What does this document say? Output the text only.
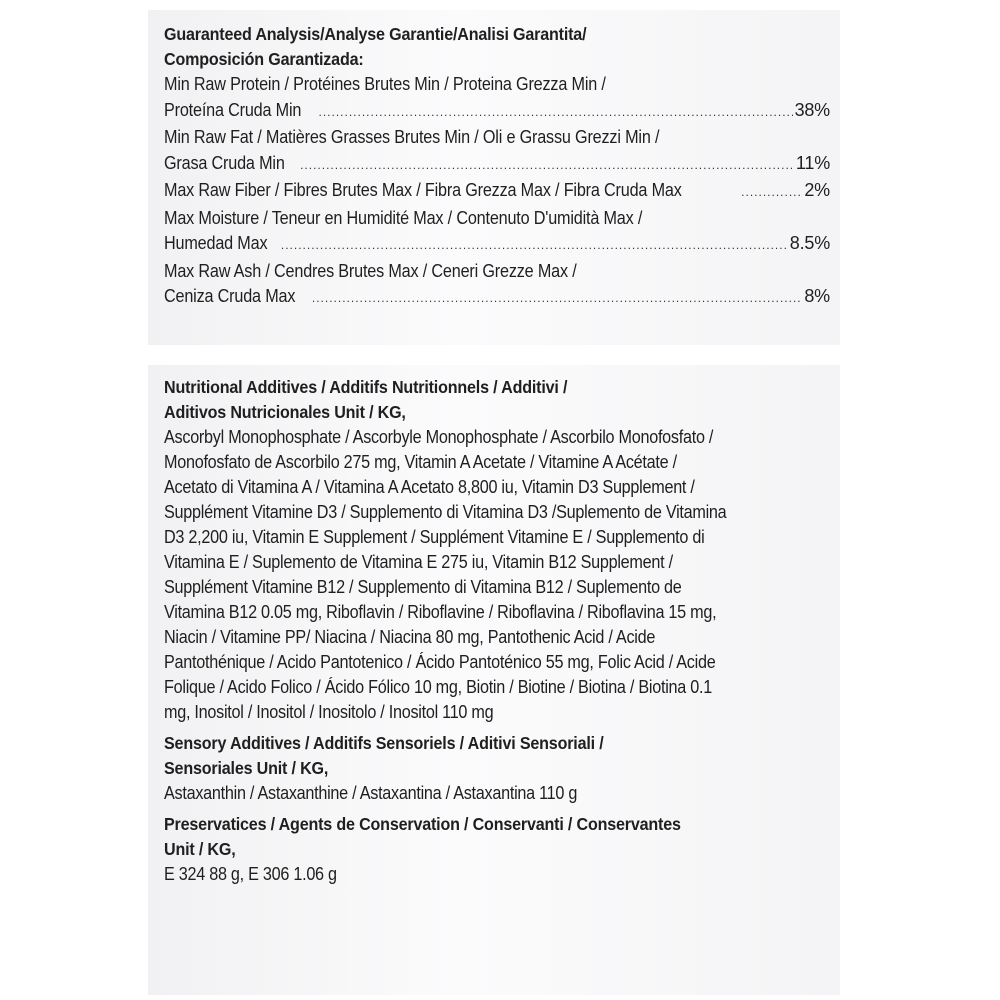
Guaranteed Analysis/Analyse Garantie/Analisi Garantita/
Composición Garantizada:
Min Raw Protein / Protéines Brutes Min / Proteina Grezza Min /
Proteína Cruda Min .....	38%
Min Raw Fat / Matières Grasses Brutes Min / Oli e Grassu Grezzi Min /
Grasa Cruda Min .....	11%
Max Raw Fiber / Fibres Brutes Max / Fibra Grezza Max / Fibra Cruda Max .....	2%
Max Moisture / Teneur en Humidité Max / Contenuto D'umidità Max /
Humedad Max .....	8.5%
Max Raw Ash / Cendres Brutes Max / Ceneri Grezze Max /
Ceniza Cruda Max .....	8%
Nutritional Additives / Additifs Nutritionnels / Additivi /
Aditivos Nutricionales Unit / KG,
Ascorbyl Monophosphate / Ascorbyle Monophosphate / Ascorbilo Monofosfato /
Monofosfato de Ascorbilo 275 mg, Vitamin A Acetate / Vitamine A Acétate /
Acetato di Vitamina A / Vitamina A Acetato 8,800 iu, Vitamin D3 Supplement /
Supplément Vitamine D3 / Supplemento di Vitamina D3 /Suplemento de Vitamina
D3 2,200 iu, Vitamin E Supplement / Supplément Vitamine E / Supplemento di
Vitamina E / Suplemento de Vitamina E 275 iu, Vitamin B12 Supplement /
Supplément Vitamine B12 / Supplemento di Vitamina B12 / Suplemento de
Vitamina B12 0.05 mg, Riboflavin / Riboflavine / Riboflavina / Riboflavina 15 mg,
Niacin / Vitamine PP/ Niacina / Niacina 80 mg, Pantothenic Acid / Acide
Pantothénique / Acido Pantotenico / Ácido Pantoténico 55 mg, Folic Acid / Acide
Folique / Acido Folico / Ácido Fólico 10 mg, Biotin / Biotine / Biotina / Biotina 0.1
mg, Inositol / Inositol / Inositolo / Inositol 110 mg
Sensory Additives / Additifs Sensoriels / Aditivi Sensoriali /
Sensoriales Unit / KG,
Astaxanthin / Astaxanthine / Astaxantina / Astaxantina 110 g
Preservatices / Agents de Conservation / Conservanti / Conservantes
Unit / KG,
E 324 88 g, E 306 1.06 g
